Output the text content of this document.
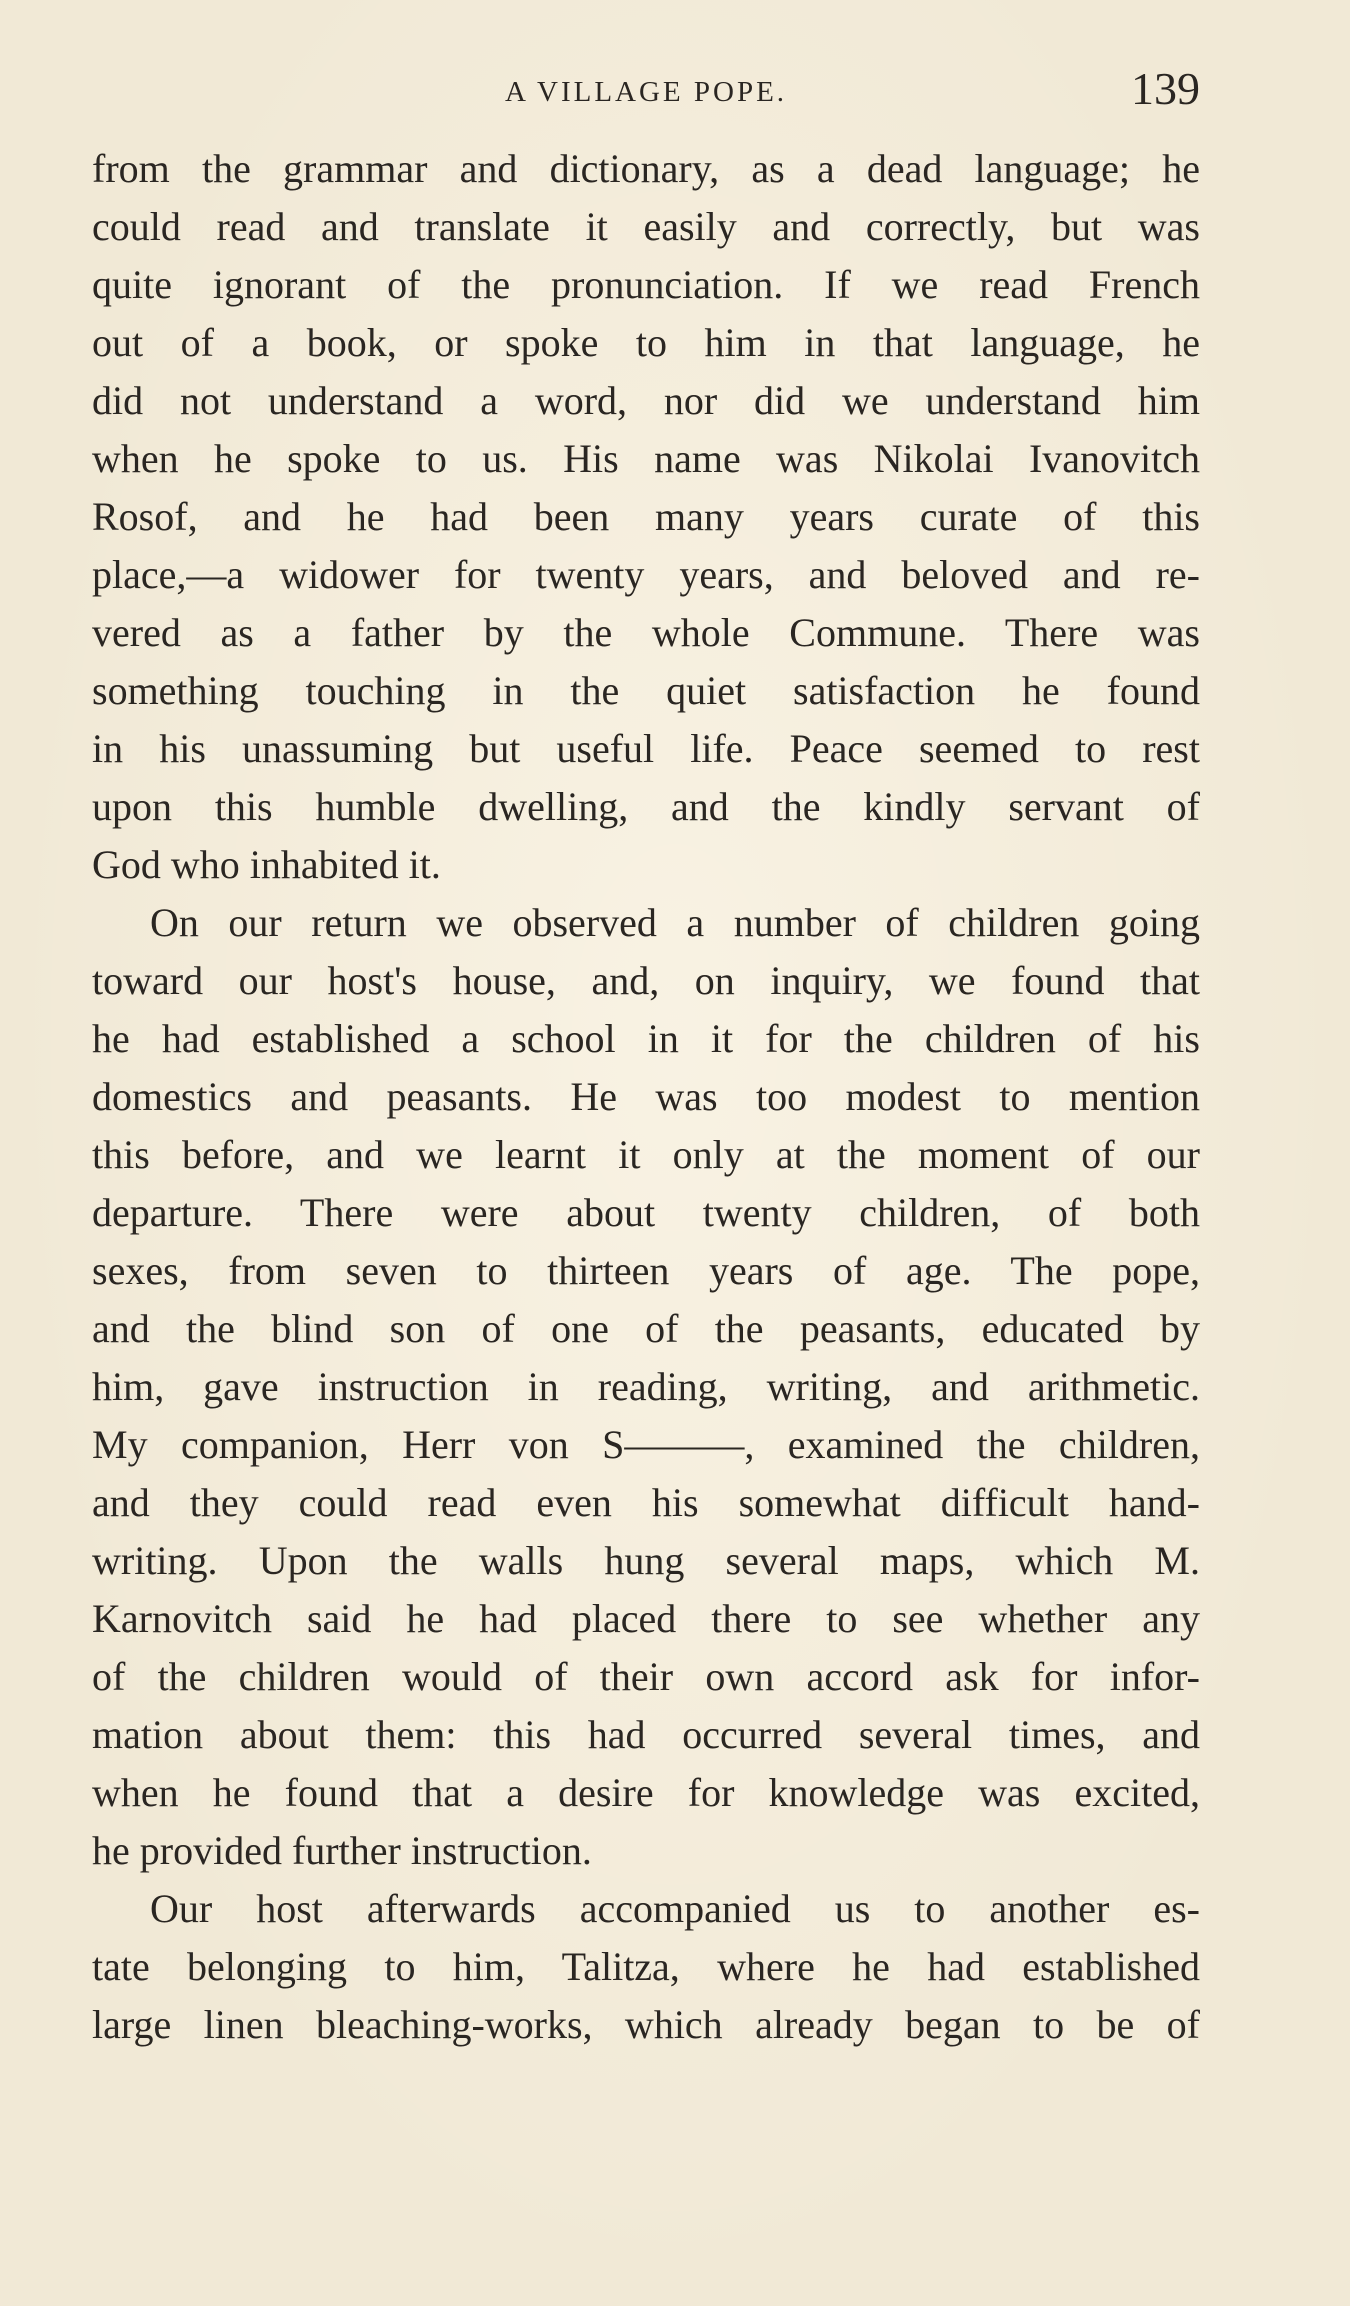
A VILLAGE POPE.	139
from the grammar and dictionary, as a dead language; he
could read and translate it easily and correctly, but was
quite ignorant of the pronunciation. If we read French
out of a book, or spoke to him in that language, he
did not understand a word, nor did we understand him
when he spoke to us. His name was Nikolai Ivanovitch
Rosof, and he had been many years curate of this
place,—a widower for twenty years, and beloved and re-
vered as a father by the whole Commune. There was
something touching in the quiet satisfaction he found
in his unassuming but useful life. Peace seemed to rest
upon this humble dwelling, and the kindly servant of
God who inhabited it.
On our return we observed a number of children going
toward our host's house, and, on inquiry, we found that
he had established a school in it for the children of his
domestics and peasants. He was too modest to mention
this before, and we learnt it only at the moment of our
departure. There were about twenty children, of both
sexes, from seven to thirteen years of age. The pope,
and the blind son of one of the peasants, educated by
him, gave instruction in reading, writing, and arithmetic.
My companion, Herr von S———, examined the children,
and they could read even his somewhat difficult hand-
writing. Upon the walls hung several maps, which M.
Karnovitch said he had placed there to see whether any
of the children would of their own accord ask for infor-
mation about them: this had occurred several times, and
when he found that a desire for knowledge was excited,
he provided further instruction.
Our host afterwards accompanied us to another es-
tate belonging to him, Talitza, where he had established
large linen bleaching-works, which already began to be of
